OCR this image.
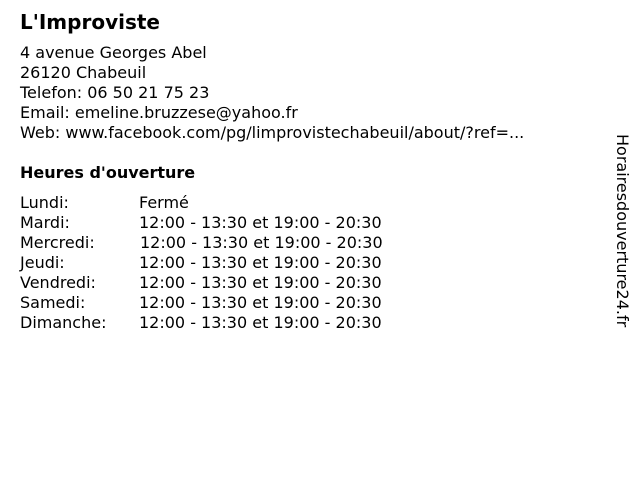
L'Improviste
4 avenue Georges Abel
26120 Chabeuil
Telefon: 06 50 21 75 23
Email: emeline.bruzzese@yahoo.fr
Web: www.facebook.com/pg/limprovistechabeuil/about/?ref=...
Heures d'ouverture
Lundi:	Fermé
Mardi:	12:00 - 13:30 et 19:00 - 20:30
Mercredi:	12:00 - 13:30 et 19:00 - 20:30
Jeudi:	12:00 - 13:30 et 19:00 - 20:30
Vendredi:	12:00 - 13:30 et 19:00 - 20:30
Samedi:	12:00 - 13:30 et 19:00 - 20:30
Dimanche: 12:00 - 13:30 et 19:00 - 20:30	Horairesdouverture24.fr
